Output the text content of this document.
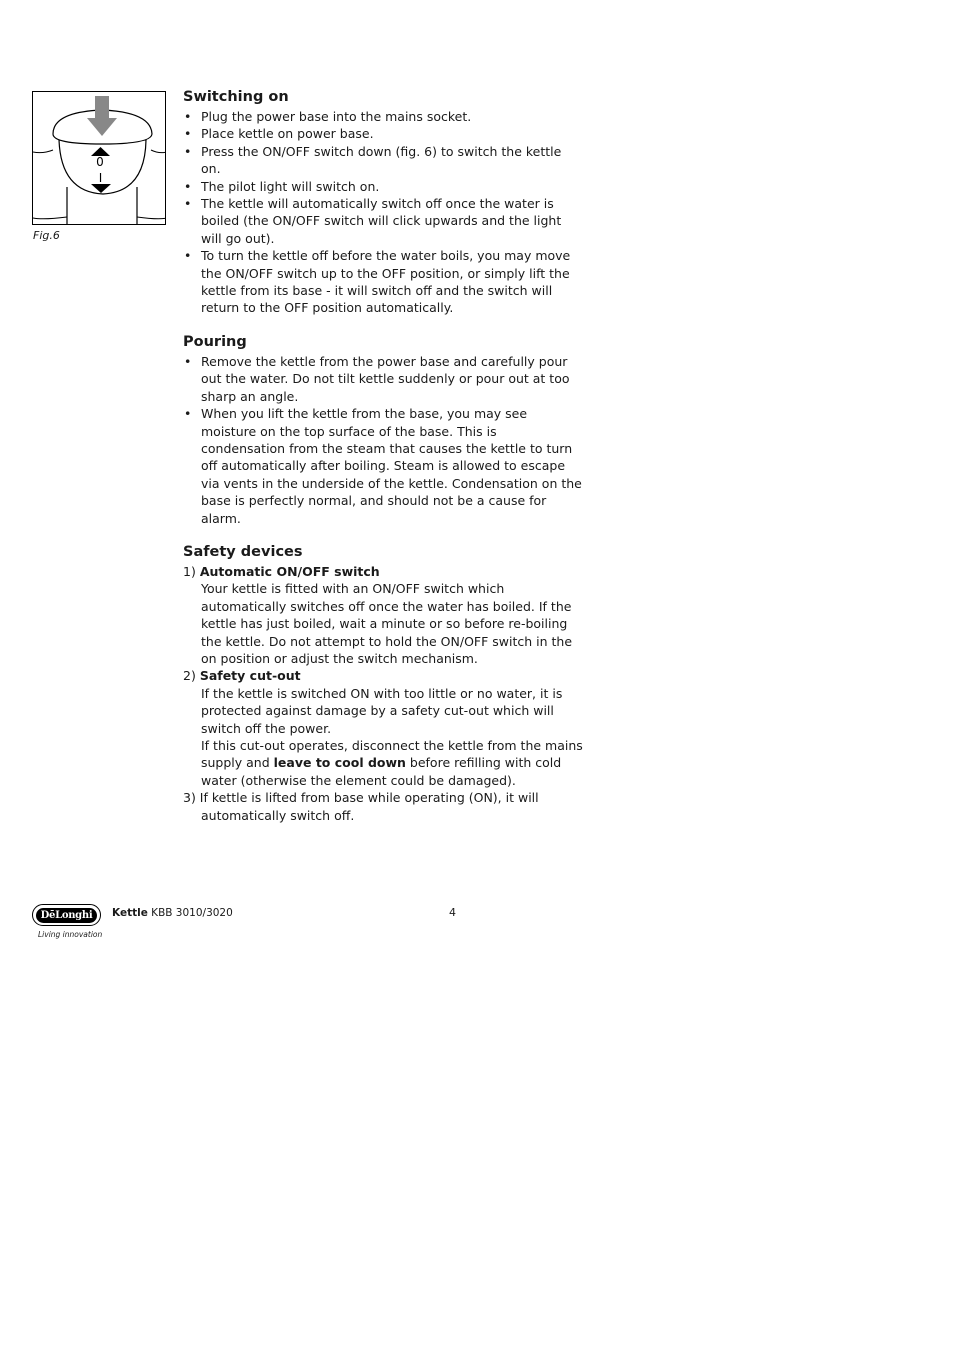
0
I
Fig.6
Switching on
• Plug the power base into the mains socket.
• Place kettle on power base.
• Press the ON/OFF switch down (fig. 6) to switch the kettle on.
• The pilot light will switch on.
• The kettle will automatically switch off once the water is boiled (the ON/OFF switch will click upwards and the light will go out).
• To turn the kettle off before the water boils, you may move the ON/OFF switch up to the OFF position, or simply lift the kettle from its base - it will switch off and the switch will return to the OFF position automatically.
Pouring
• Remove the kettle from the power base and carefully pour out the water. Do not tilt kettle suddenly or pour out at too sharp an angle.
• When you lift the kettle from the base, you may see moisture on the top surface of the base. This is condensation from the steam that causes the kettle to turn off automatically after boiling. Steam is allowed to escape via vents in the underside of the kettle. Condensation on the base is perfectly normal, and should not be a cause for alarm.
Safety devices
1) Automatic ON/OFF switch
Your kettle is fitted with an ON/OFF switch which automatically switches off once the water has boiled. If the kettle has just boiled, wait a minute or so before re-boiling the kettle. Do not attempt to hold the ON/OFF switch in the on position or adjust the switch mechanism.
2) Safety cut-out
If the kettle is switched ON with too little or no water, it is protected against damage by a safety cut-out which will switch off the power.
If this cut-out operates, disconnect the kettle from the mains supply and leave to cool down before refilling with cold water (otherwise the element could be damaged).
3) If kettle is lifted from base while operating (ON), it will automatically switch off.
DēLonghi
Living innovation
Kettle KBB 3010/3020	4
